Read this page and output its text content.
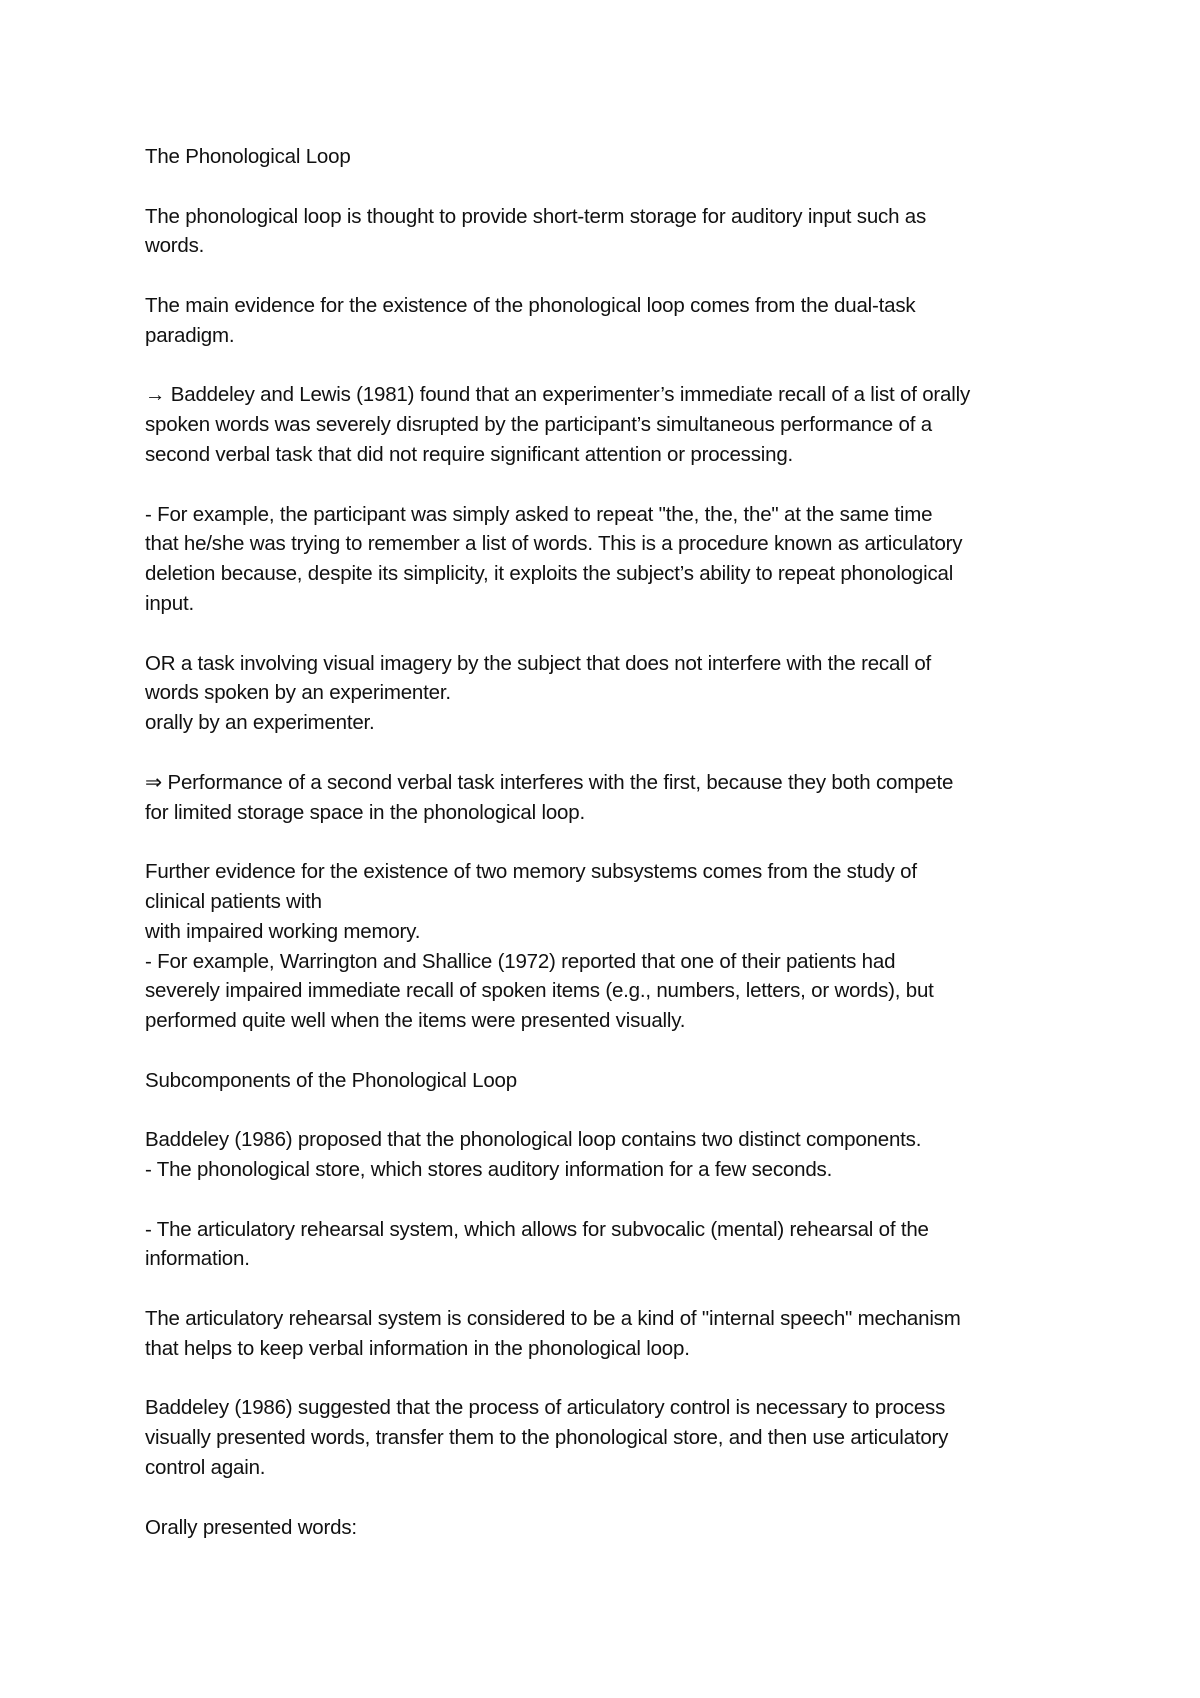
The Phonological Loop
The phonological loop is thought to provide short-term storage for auditory input such as
words.
The main evidence for the existence of the phonological loop comes from the dual-task
paradigm.
→ Baddeley and Lewis (1981) found that an experimenter’s immediate recall of a list of orally
spoken words was severely disrupted by the participant’s simultaneous performance of a
second verbal task that did not require significant attention or processing.
- For example, the participant was simply asked to repeat "the, the, the" at the same time
that he/she was trying to remember a list of words. This is a procedure known as articulatory
deletion because, despite its simplicity, it exploits the subject’s ability to repeat phonological
input.
OR a task involving visual imagery by the subject that does not interfere with the recall of
words spoken by an experimenter.
orally by an experimenter.
⇒ Performance of a second verbal task interferes with the first, because they both compete
for limited storage space in the phonological loop.
Further evidence for the existence of two memory subsystems comes from the study of
clinical patients with
with impaired working memory.
- For example, Warrington and Shallice (1972) reported that one of their patients had
severely impaired immediate recall of spoken items (e.g., numbers, letters, or words), but
performed quite well when the items were presented visually.
Subcomponents of the Phonological Loop
Baddeley (1986) proposed that the phonological loop contains two distinct components.
- The phonological store, which stores auditory information for a few seconds.
- The articulatory rehearsal system, which allows for subvocalic (mental) rehearsal of the
information.
The articulatory rehearsal system is considered to be a kind of "internal speech" mechanism
that helps to keep verbal information in the phonological loop.
Baddeley (1986) suggested that the process of articulatory control is necessary to process
visually presented words, transfer them to the phonological store, and then use articulatory
control again.
Orally presented words:
